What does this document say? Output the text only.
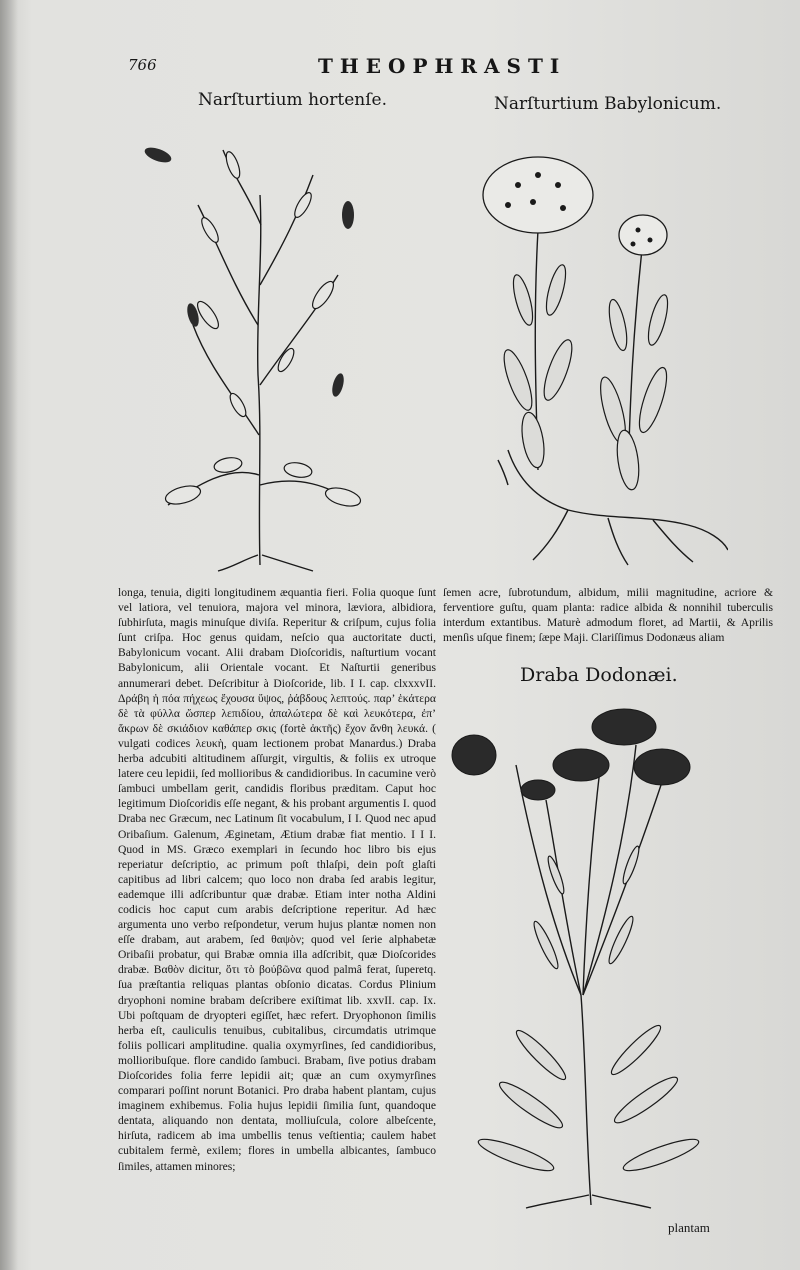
766	THEOPHRASTI
Narſturtium hortenſe.	Narſturtium Babylonicum.
Draba Dodonæi.

longa, tenuia, digiti longitudinem æquantia fieri. Folia quoque ſunt vel latiora, vel tenuiora, majora vel minora, læviora, albidiora, ſubhirſuta, magis minuſque diviſa. Reperitur & criſpum, cujus folia ſunt criſpa. Hoc genus quidam, neſcio qua auctoritate ducti, Babylonicum vocant. Alii drabam Dioſcoridis, naſturtium vocant Babylonicum, alii Orientale vocant. Et Naſturtii generibus annumerari debet. Deſcribitur à Dioſcoride, lib. I I. cap. clxxxvII. Δράβη ἡ πόα πήχεως ἔχουσα ὕψος, ῥάβδους λεπτούς. παρ’ ἑκάτερα δὲ τὰ φύλλα ὥσπερ λεπιδίου, ἁπαλώτερα δὲ καὶ λευκότερα, ἐπ’ ἄκρων δὲ σκιάδιον καθάπερ σκις (fortè ἀκτῆς) ἔχον ἄνθη λευκά. ( vulgati codices λευκὴ, quam lectionem probat Manardus.) Draba herba adcubiti altitudinem aſſurgit, virgultis, & foliis ex utroque latere ceu lepidii, ſed mollioribus & candidioribus. In cacumine verò ſambuci umbellam gerit, candidis floribus præditam. Caput hoc legitimum Dioſcoridis eſſe negant, & his probant argumentis I. quod Draba nec Græcum, nec Latinum ſit vocabulum, I I. Quod nec apud Oribaſium. Galenum, Æginetam, Ætium drabæ fiat mentio. I I I. Quod in MS. Græco exemplari in ſecundo hoc libro bis ejus reperiatur deſcriptio, ac primum poſt thlaſpi, dein poſt glaſti capitibus ad libri calcem; quo loco non draba ſed arabis legitur, eademque illi adſcribuntur quæ drabæ. Etiam inter notha Aldini codicis hoc caput cum arabis deſcriptione reperitur. Ad hæc argumenta uno verbo reſpondetur, verum hujus plantæ nomen non eſſe drabam, aut arabem, ſed θαψὸν; quod vel ſerie alphabetæ Oribaſii probatur, qui Brabæ omnia illa adſcribit, quæ Dioſcorides drabæ. Βαθὸν dicitur, ὅτι τὸ βούβῶνα quod palmâ ferat, ſuperetq. ſua præſtantia reliquas plantas obſonio dicatas. Cordus Plinium dryophoni nomine brabam deſcribere exiſtimat lib. xxvII. cap. Ix. Ubi poſtquam de dryopteri egiſſet, hæc refert. Dryophonon ſimilis herba eſt, cauliculis tenuibus, cubitalibus, circumdatis utrimque foliis pollicari amplitudine. qualia oxymyrſines, ſed candidioribus, mollioribuſque. flore candido ſambuci. Brabam, ſive potius drabam Dioſcorides folia ferre lepidii ait; quæ an cum oxymyrſines comparari poſſint norunt Botanici. Pro draba habent plantam, cujus imaginem exhibemus. Folia hujus lepidii ſimilia ſunt, quandoque dentata, aliquando non dentata, molliuſcula, colore albeſcente, hirſuta, radicem ab ima umbellis tenus veſtientia; caulem habet cubitalem fermè, exilem; flores in umbella albicantes, ſambuco ſimiles, attamen minores;

ſemen acre, ſubrotundum, albidum, milii magnitudine, acriore & ferventiore guſtu, quam planta: radice albida & nonnihil tuberculis interdum extantibus. Maturè admodum floret, ad Martii, & Aprilis menſis uſque finem; ſæpe Maji. Clariſſimus Dodonæus aliam

plantam
